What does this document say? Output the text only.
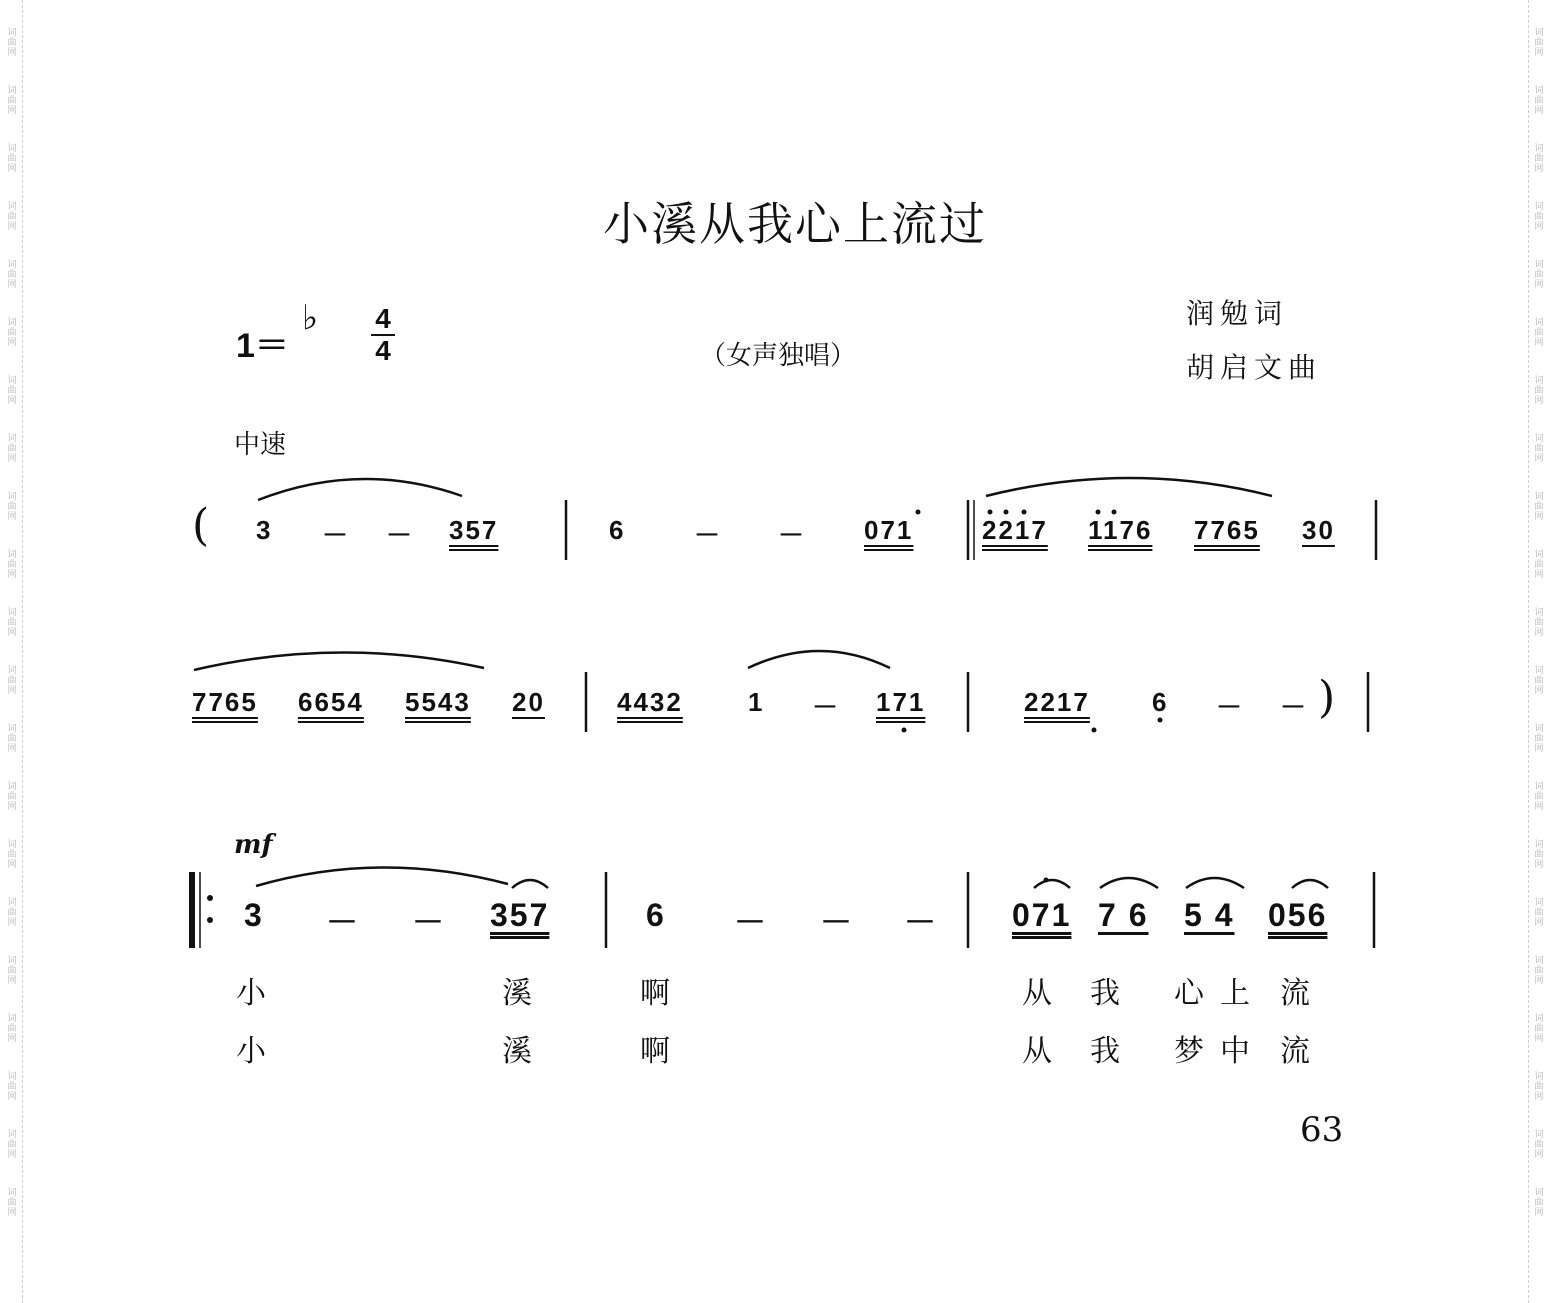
词
曲
网
词
曲
网
词
曲
网
词
曲
网
词
曲
网
词
曲
网
词
曲
网
词
曲
网
词
曲
网
词
曲
网
词
曲
网
词
曲
网
词
曲
网
词
曲
网
词
曲
网
词
曲
网
词
曲
网
词
曲
网
词
曲
网
词
曲
网
词
曲
网
词
曲
网
词
曲
网
词
曲
网
词
曲
网
词
曲
网
词
曲
网
词
曲
网
词
曲
网
词
曲
网
词
曲
网
词
曲
网
词
曲
网
词
曲
网
词
曲
网
词
曲
网
词
曲
网
词
曲
网
词
曲
网
词
曲
网
词
曲
网
词
曲
网
小溪从我心上流过
1＝
♭ 4
4	（女声独唱）
润勉词
胡启文曲
中速
( 3 － － 357	6	－ － 071	2217 1176 7765 30
7765 6654 5543 20	4432	1 － 171	2217 6 － － )
mf
3 － － 357	6 － － － 071 7 6 5 4 056
小	溪	啊	从 我 心 上 流
小	溪	啊	从 我 梦 中 流
63
